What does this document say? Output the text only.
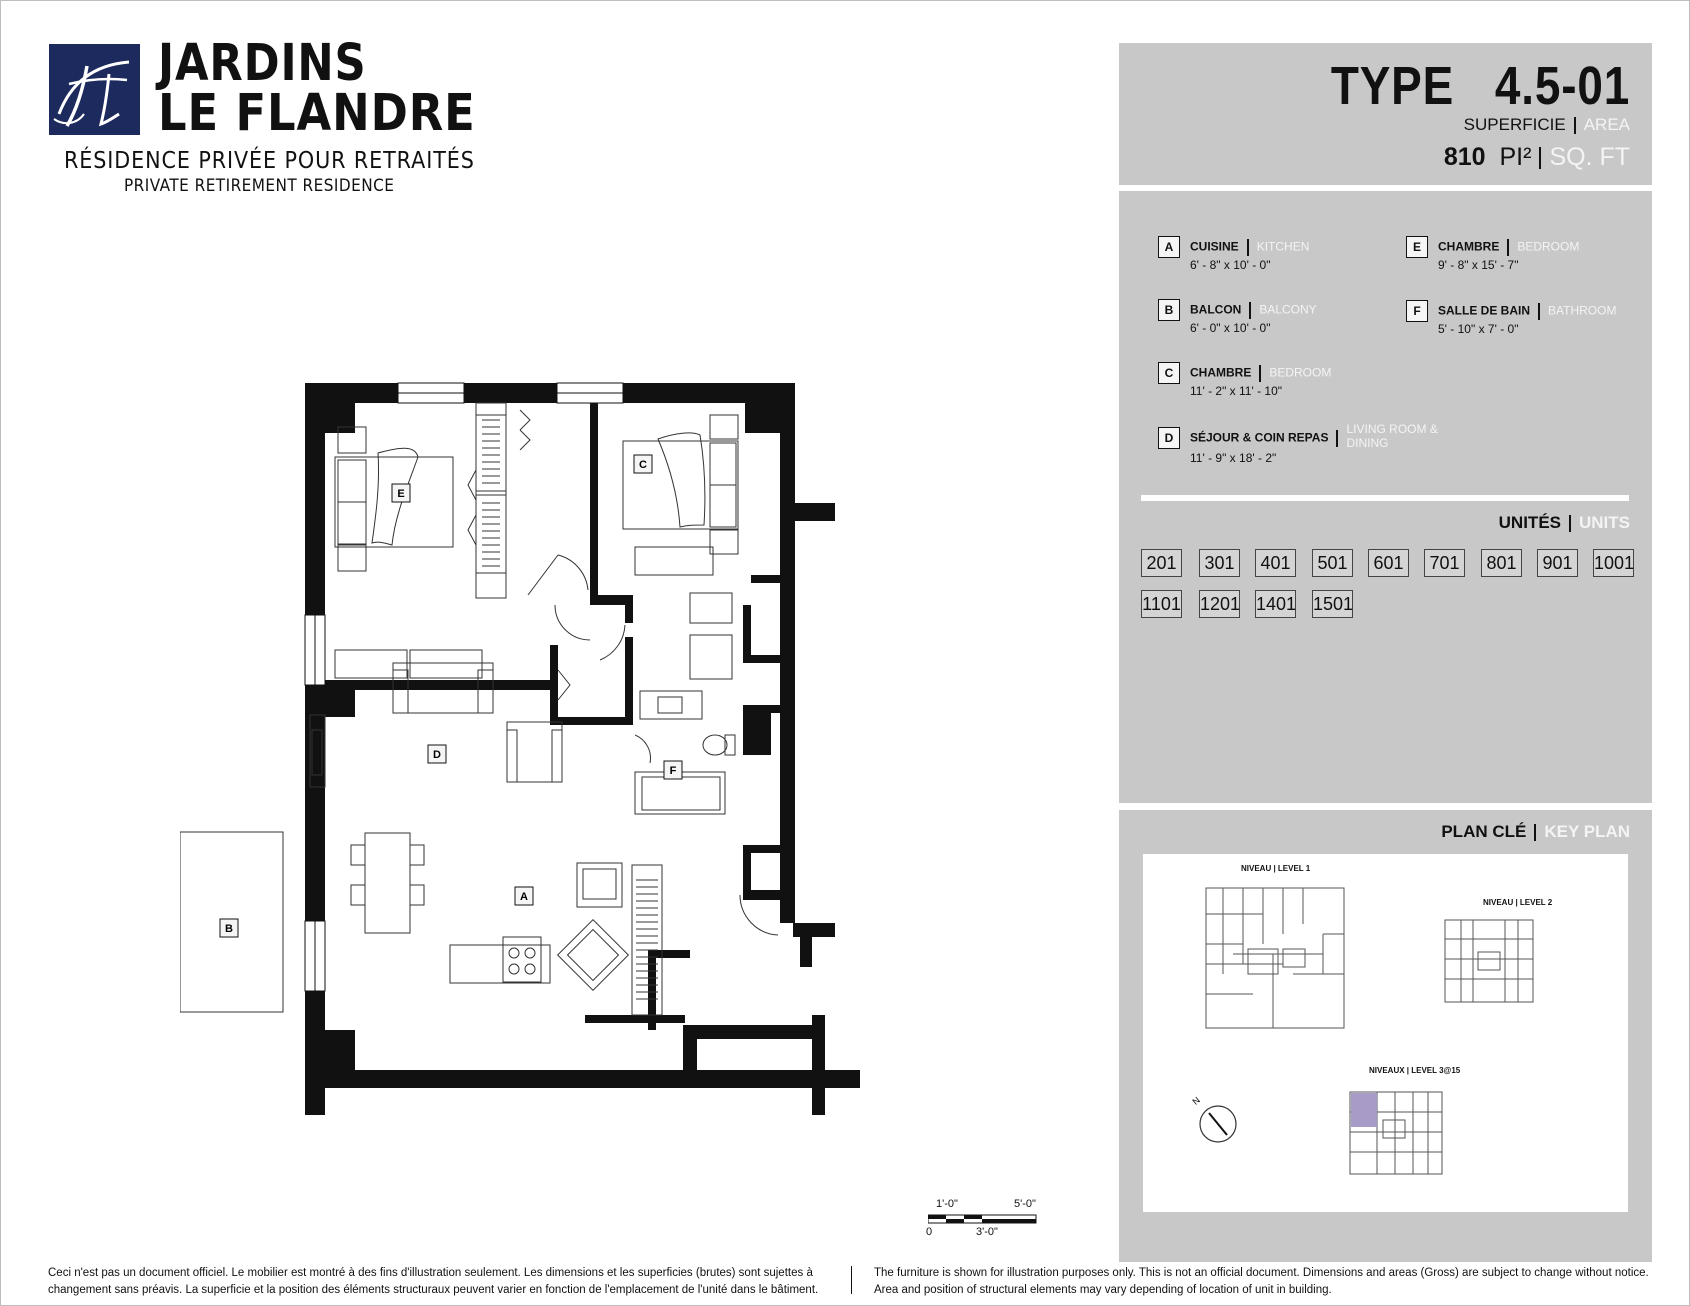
JARDINS
LE FLANDRE
RÉSIDENCE PRIVÉE POUR RETRAITÉS
PRIVATE RETIREMENT RESIDENCE
TYPE 4.5-01
SUPERFICIE AREA
810 PI² SQ. FT
A	CUISINE KITCHEN
6' - 8" x 10' - 0"
B	BALCON BALCONY
6' - 0" x 10' - 0"
C	CHAMBRE BEDROOM
11' - 2" x 11' - 10"
D	SÉJOUR & COIN REPASLIVING ROOM & DINING
11' - 9" x 18' - 2"
E	CHAMBRE BEDROOM
9' - 8" x 15' - 7"
F	SALLE DE BAIN BATHROOM
5' - 10" x 7' - 0"
UNITÉS UNITS
201	301	401	501	601	701	801	901	1001
1101 1201 1401 1501
PLAN CLÉ KEY PLAN
NIVEAU | LEVEL 1
NIVEAU | LEVEL 2
NIVEAUX | LEVEL 3@15
N
E
C
D
F
A
B
1'-0"	5'-0"
0	3'-0"
Ceci n'est pas un document officiel. Le mobilier est montré à des fins d'illustration seulement. Les dimensions et les superficies (brutes) sont sujettes à
changement sans préavis. La superficie et la position des éléments structuraux peuvent varier en fonction de l'emplacement de l'unité dans le bâtiment.
The furniture is shown for illustration purposes only. This is not an official document. Dimensions and areas (Gross) are subject to change without notice.
Area and position of structural elements may vary depending of location of unit in building.
